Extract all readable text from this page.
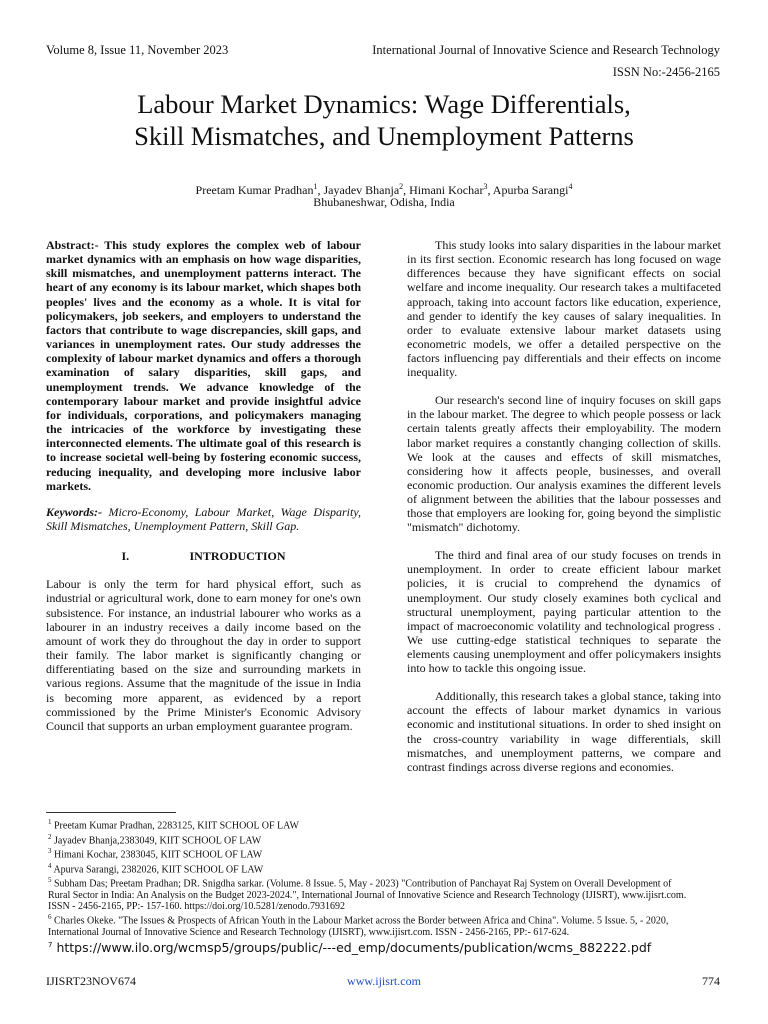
Volume 8, Issue 11, November 2023	International Journal of Innovative Science and Research Technology
ISSN No:-2456-2165
Labour Market Dynamics: Wage Differentials,
Skill Mismatches, and Unemployment Patterns
Preetam Kumar Pradhan$^1$, Jayadev Bhanja$^2$, Himani Kochar$^3$, Apurba Sarangi$^4$
Bhubaneshwar, Odisha, India

Abstract:- This study explores the complex web of labour market dynamics with an emphasis on how wage disparities, skill mismatches, and unemployment patterns interact. The heart of any economy is its labour market, which shapes both peoples' lives and the economy as a whole. It is vital for policymakers, job seekers, and employers to understand the factors that contribute to wage discrepancies, skill gaps, and variances in unemployment rates. Our study addresses the complexity of labour market dynamics and offers a thorough examination of salary disparities, skill gaps, and unemployment trends. We advance knowledge of the contemporary labour market and provide insightful advice for individuals, corporations, and policymakers managing the intricacies of the workforce by investigating these interconnected elements. The ultimate goal of this research is to increase societal well-being by fostering economic success, reducing inequality, and developing more inclusive labor markets.

Keywords:- Micro-Economy, Labour Market, Wage Disparity, Skill Mismatches, Unemployment Pattern, Skill Gap.

I.	INTRODUCTION

Labour is only the term for hard physical effort, such as industrial or agricultural work, done to earn money for one's own subsistence. For instance, an industrial labourer who works as a labourer in an industry receives a daily income based on the amount of work they do throughout the day in order to support their family. The labor market is significantly changing or differentiating based on the size and surrounding markets in various regions. Assume that the magnitude of the issue in India is becoming more apparent, as evidenced by a report commissioned by the Prime Minister's Economic Advisory Council that supports an urban employment guarantee program.

This study looks into salary disparities in the labour market in its first section. Economic research has long focused on wage differences because they have significant effects on social welfare and income inequality. Our research takes a multifaceted approach, taking into account factors like education, experience, and gender to identify the key causes of salary inequalities. In order to evaluate extensive labour market datasets using econometric models, we offer a detailed perspective on the factors influencing pay differentials and their effects on income inequality.

Our research's second line of inquiry focuses on skill gaps in the labour market. The degree to which people possess or lack certain talents greatly affects their employability. The modern labor market requires a constantly changing collection of skills. We look at the causes and effects of skill mismatches, considering how it affects people, businesses, and overall economic production. Our analysis examines the different levels of alignment between the abilities that the labour possesses and those that employers are looking for, going beyond the simplistic "mismatch" dichotomy.

The third and final area of our study focuses on trends in unemployment. In order to create efficient labour market policies, it is crucial to comprehend the dynamics of unemployment. Our study closely examines both cyclical and structural unemployment, paying particular attention to the impact of macroeconomic volatility and technological progress . We use cutting-edge statistical techniques to separate the elements causing unemployment and offer policymakers insights into how to tackle this ongoing issue.

Additionally, this research takes a global stance, taking into account the effects of labour market dynamics in various economic and institutional situations. In order to shed insight on the cross-country variability in wage differentials, skill mismatches, and unemployment patterns, we compare and contrast findings across diverse regions and economies.

$^1$ Preetam Kumar Pradhan, 2283125, KIIT SCHOOL OF LAW
$^2$ Jayadev Bhanja,2383049, KIIT SCHOOL OF LAW
$^3$ Himani Kochar, 2383045, KIIT SCHOOL OF LAW
$^4$ Apurva Sarangi, 2382026, KIIT SCHOOL OF LAW
$^5$ Subham Das; Preetam Pradhan; DR. Snigdha sarkar. (Volume. 8 Issue. 5, May - 2023) "Contribution of Panchayat Raj System on Overall Development of Rural Sector in India: An Analysis on the Budget 2023-2024.", International Journal of Innovative Science and Research Technology (IJISRT), www.ijisrt.com. ISSN - 2456-2165, PP:- 157-160. https://doi.org/10.5281/zenodo.7931692
$^6$ Charles Okeke. "The Issues & Prospects of African Youth in the Labour Market across the Border between Africa and China". Volume. 5 Issue. 5, - 2020, International Journal of Innovative Science and Research Technology (IJISRT), www.ijisrt.com. ISSN - 2456-2165, PP:- 617-624.
$^7$ https://www.ilo.org/wcmsp5/groups/public/---ed_emp/documents/publication/wcms_882222.pdf
IJISRT23NOV674	www.ijisrt.com	774
